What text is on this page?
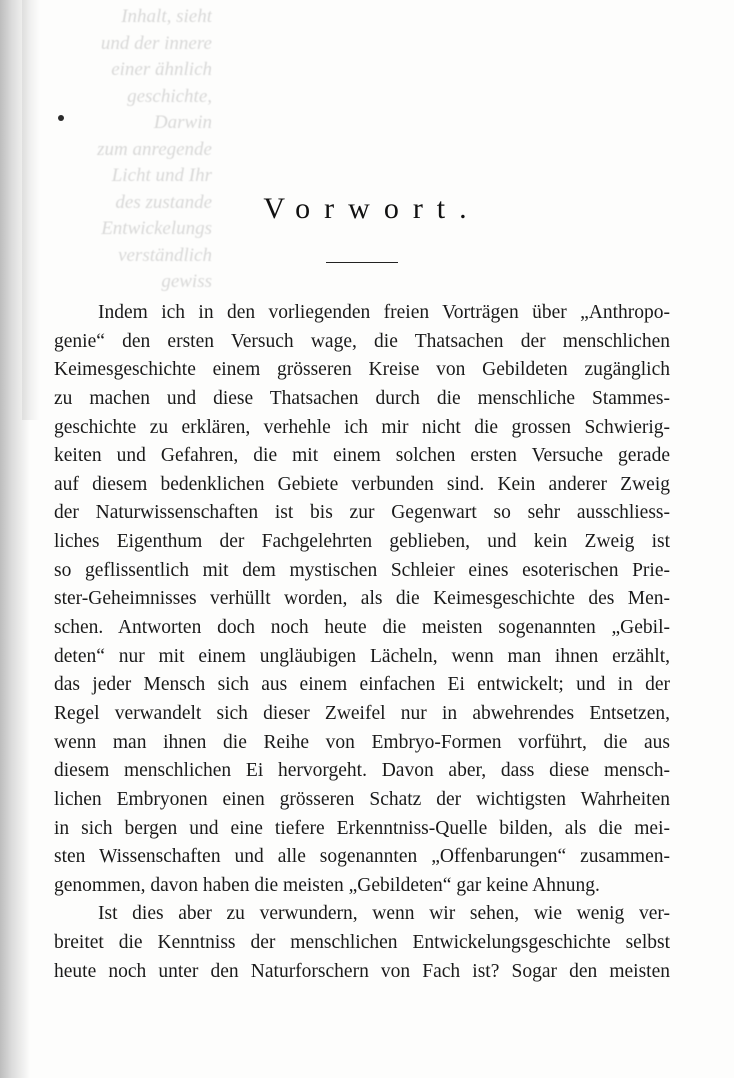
Inhalt, sieht
und der innere
einer ähnlich
geschichte,
Darwin
zum anregende
Licht und Ihr
des zustande
Entwickelungs
verständlich
gewiss
Vorwort.
Indem ich in den vorliegenden freien Vorträgen über „Anthropo-
genie“ den ersten Versuch wage, die Thatsachen der menschlichen
Keimesgeschichte einem grösseren Kreise von Gebildeten zugänglich
zu machen und diese Thatsachen durch die menschliche Stammes-
geschichte zu erklären, verhehle ich mir nicht die grossen Schwierig-
keiten und Gefahren, die mit einem solchen ersten Versuche gerade
auf diesem bedenklichen Gebiete verbunden sind. Kein anderer Zweig
der Naturwissenschaften ist bis zur Gegenwart so sehr ausschliess-
liches Eigenthum der Fachgelehrten geblieben, und kein Zweig ist
so geflissentlich mit dem mystischen Schleier eines esoterischen Prie-
ster-Geheimnisses verhüllt worden, als die Keimesgeschichte des Men-
schen. Antworten doch noch heute die meisten sogenannten „Gebil-
deten“ nur mit einem ungläubigen Lächeln, wenn man ihnen erzählt,
das jeder Mensch sich aus einem einfachen Ei entwickelt; und in der
Regel verwandelt sich dieser Zweifel nur in abwehrendes Entsetzen,
wenn man ihnen die Reihe von Embryo-Formen vorführt, die aus
diesem menschlichen Ei hervorgeht. Davon aber, dass diese mensch-
lichen Embryonen einen grösseren Schatz der wichtigsten Wahrheiten
in sich bergen und eine tiefere Erkenntniss-Quelle bilden, als die mei-
sten Wissenschaften und alle sogenannten „Offenbarungen“ zusammen-
genommen, davon haben die meisten „Gebildeten“ gar keine Ahnung.
Ist dies aber zu verwundern, wenn wir sehen, wie wenig ver-
breitet die Kenntniss der menschlichen Entwickelungsgeschichte selbst
heute noch unter den Naturforschern von Fach ist? Sogar den meisten
